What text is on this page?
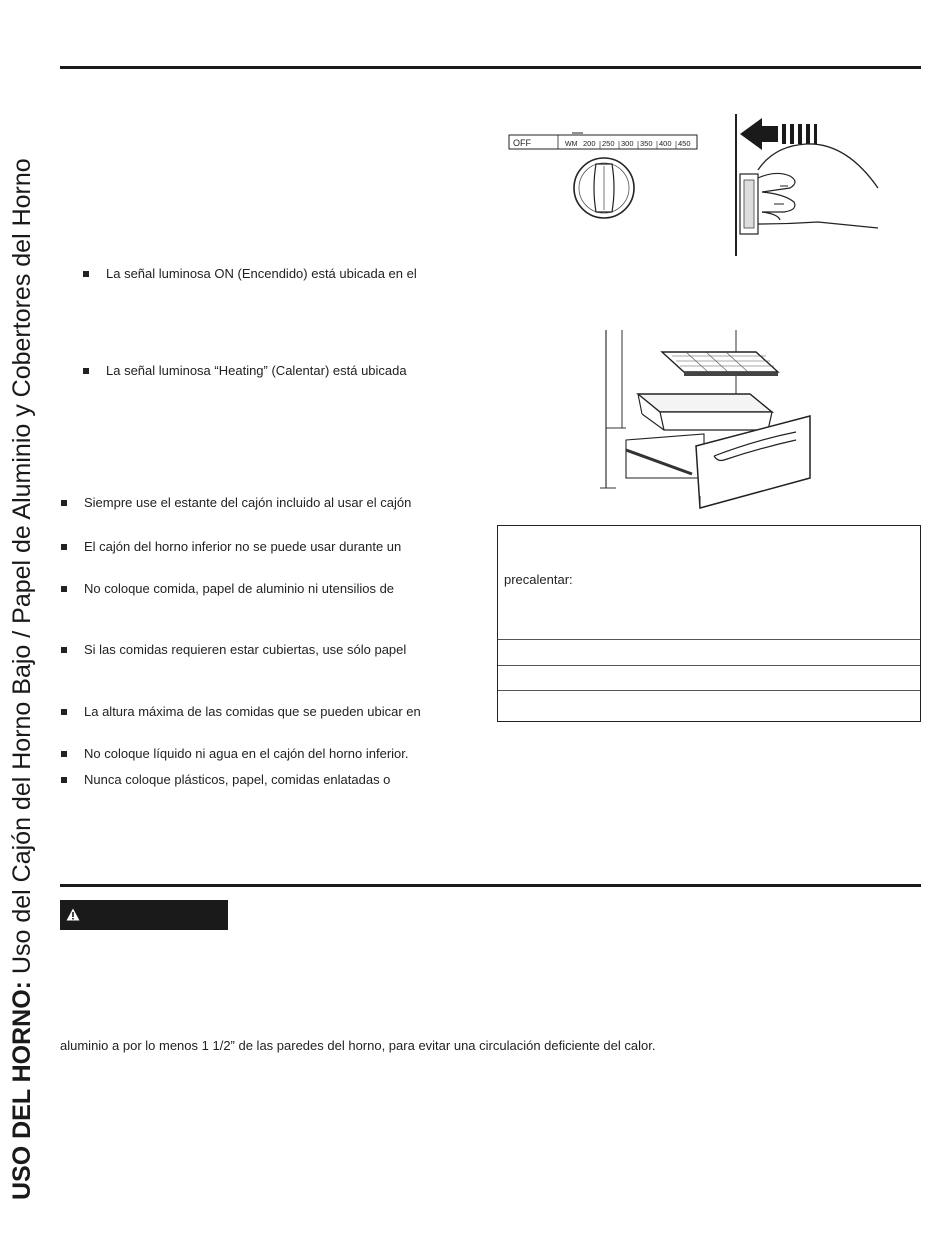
USO DEL HORNO: Uso del Cajón del Horno Bajo / Papel de Aluminio y Cobertores del Horno
OFF	WM 200 250 300 350 400 450
La señal luminosa ON (Encendido) está ubicada en el
La señal luminosa “Heating” (Calentar) está ubicada
Siempre use el estante del cajón incluido al usar el cajón
El cajón del horno inferior no se puede usar durante un
No coloque comida, papel de aluminio ni utensilios de
Si las comidas requieren estar cubiertas, use sólo papel
La altura máxima de las comidas que se pueden ubicar en
No coloque líquido ni agua en el cajón del horno inferior.
Nunca coloque plásticos, papel, comidas enlatadas o
precalentar:
aluminio a por lo menos 1 1/2” de las paredes del horno, para evitar una circulación deficiente del calor.
